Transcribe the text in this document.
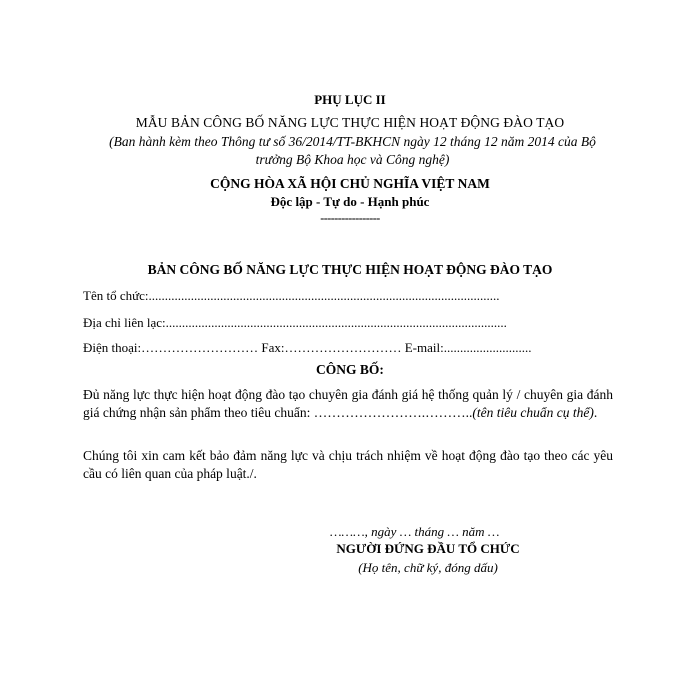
PHỤ LỤC II
MẪU BẢN CÔNG BỐ NĂNG LỰC THỰC HIỆN HOẠT ĐỘNG ĐÀO TẠO
(Ban hành kèm theo Thông tư số 36/2014/TT-BKHCN ngày 12 tháng 12 năm 2014 của Bộ trưởng Bộ Khoa học và Công nghệ)
CỘNG HÒA XÃ HỘI CHỦ NGHĨA VIỆT NAM
Độc lập - Tự do - Hạnh phúc
-----------------
BẢN CÔNG BỐ NĂNG LỰC THỰC HIỆN HOẠT ĐỘNG ĐÀO TẠO
Tên tổ chức:............................................................................................................
Địa chỉ liên lạc:.........................................................................................................
Điện thoại:……………………… Fax:……………………… E-mail:...........................
CÔNG BỐ:
Đủ năng lực thực hiện hoạt động đào tạo chuyên gia đánh giá hệ thống quản lý / chuyên gia đánh giá chứng nhận sản phẩm theo tiêu chuẩn: …………………….………..(tên tiêu chuẩn cụ thể).
Chúng tôi xin cam kết bảo đảm năng lực và chịu trách nhiệm về hoạt động đào tạo theo các yêu cầu có liên quan của pháp luật./.
………, ngày … tháng … năm …
NGƯỜI ĐỨNG ĐẦU TỔ CHỨC
(Họ tên, chữ ký, đóng dấu)
